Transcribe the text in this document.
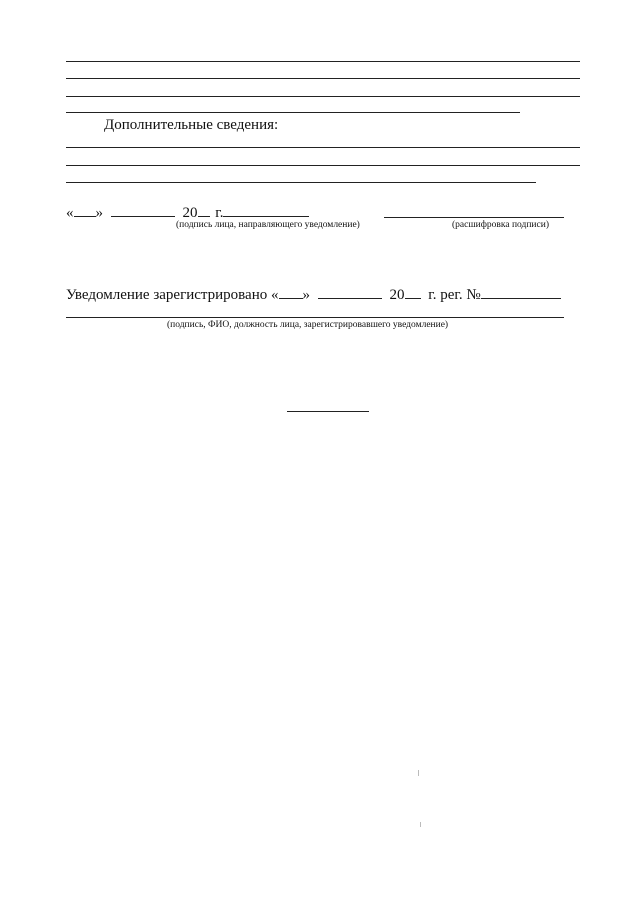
Дополнительные сведения:
« »	20 г.
(подпись лица, направляющего уведомление)	(расшифровка подписи)
Уведомление зарегистрировано « »	20 г. рег. №
(подпись, ФИО, должность лица, зарегистрировавшего уведомление)
